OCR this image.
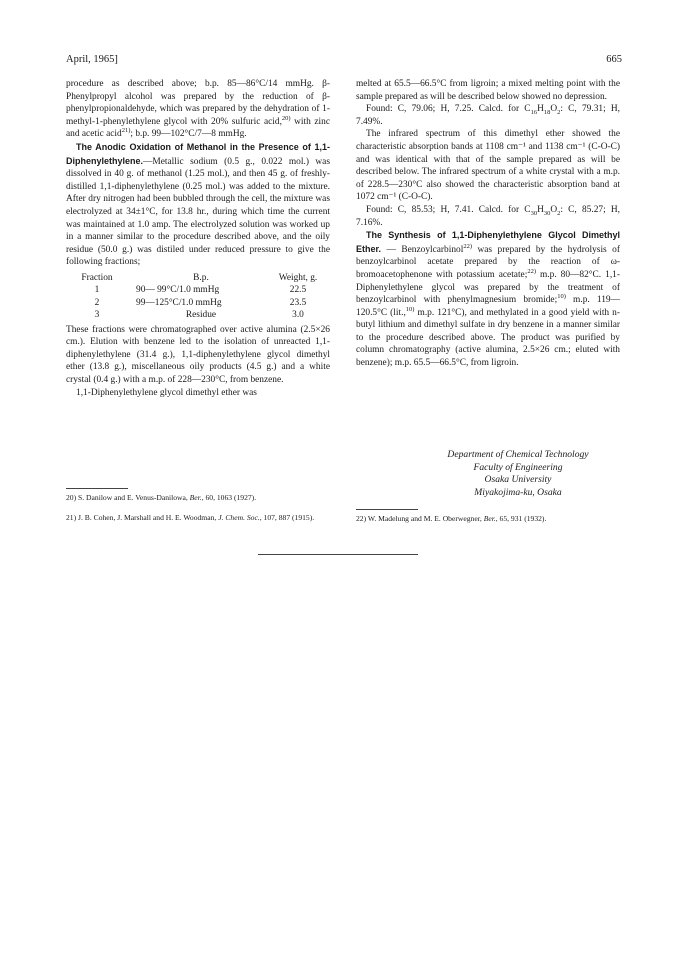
April, 1965]	665

procedure as described above; b.p. 85—86°C/14 mmHg. β-Phenylpropyl alcohol was prepared by the reduction of β-phenylpropionaldehyde, which was prepared by the dehydration of 1-methyl-1-phenylethylene glycol with 20% sulfuric acid,$^{20)}$ with zinc and acetic acid$^{21)}$; b.p. 99—102°C/7—8 mmHg.

The Anodic Oxidation of Methanol in the Presence of 1,1-Diphenylethylene.—Metallic sodium (0.5 g., 0.022 mol.) was dissolved in 40 g. of methanol (1.25 mol.), and then 45 g. of freshly-distilled 1,1-diphenylethylene (0.25 mol.) was added to the mixture. After dry nitrogen had been bubbled through the cell, the mixture was electrolyzed at 34±1°C, for 13.8 hr., during which time the current was maintained at 1.0 amp. The electrolyzed solution was worked up in a manner similar to the procedure described above, and the oily residue (50.0 g.) was distiled under reduced pressure to give the following fractions;

Fraction	B.p.	Weight, g.
1	90— 99°C/1.0 mmHg	22.5
2	99—125°C/1.0 mmHg	23.5
3	Residue	3.0

These fractions were chromatographed over active alumina (2.5×26 cm.). Elution with benzene led to the isolation of unreacted 1,1-diphenylethylene (31.4 g.), 1,1-diphenylethylene glycol dimethyl ether (13.8 g.), miscellaneous oily products (4.5 g.) and a white crystal (0.4 g.) with a m.p. of 228—230°C, from benzene.

1,1-Diphenylethylene glycol dimethyl ether was

20) S. Danilow and E. Venus-Danilowa, Ber., 60, 1063 (1927).
21) J. B. Cohen, J. Marshall and H. E. Woodman, J. Chem. Soc., 107, 887 (1915).

melted at 65.5—66.5°C from ligroin; a mixed melting point with the sample prepared as will be described below showed no depression.

Found: C, 79.06; H, 7.25. Calcd. for $C_{16}H_{18}O_2$: C, 79.31; H, 7.49%.

The infrared spectrum of this dimethyl ether showed the characteristic absorption bands at 1108 cm⁻¹ and 1138 cm⁻¹ (C-O-C) and was identical with that of the sample prepared as will be described below. The infrared spectrum of a white crystal with a m.p. of 228.5—230°C also showed the characteristic absorption band at 1072 cm⁻¹ (C-O-C).

Found: C, 85.53; H, 7.41. Calcd. for $C_{30}H_{30}O_2$: C, 85.27; H, 7.16%.

The Synthesis of 1,1-Diphenylethylene Glycol Dimethyl Ether. — Benzoylcarbinol$^{22)}$ was prepared by the hydrolysis of benzoylcarbinol acetate prepared by the reaction of ω-bromoacetophenone with potassium acetate;$^{22)}$ m.p. 80—82°C. 1,1-Diphenylethylene glycol was prepared by the treatment of benzoylcarbinol with phenylmagnesium bromide;$^{10)}$ m.p. 119—120.5°C (lit.,$^{10)}$ m.p. 121°C), and methylated in a good yield with n-butyl lithium and dimethyl sulfate in dry benzene in a manner similar to the procedure described above. The product was purified by column chromatography (active alumina, 2.5×26 cm.; eluted with benzene); m.p. 65.5—66.5°C, from ligroin.

Department of Chemical Technology
Faculty of Engineering
Osaka University
Miyakojima-ku, Osaka
22) W. Madelung and M. E. Oberwegner, Ber., 65, 931 (1932).
